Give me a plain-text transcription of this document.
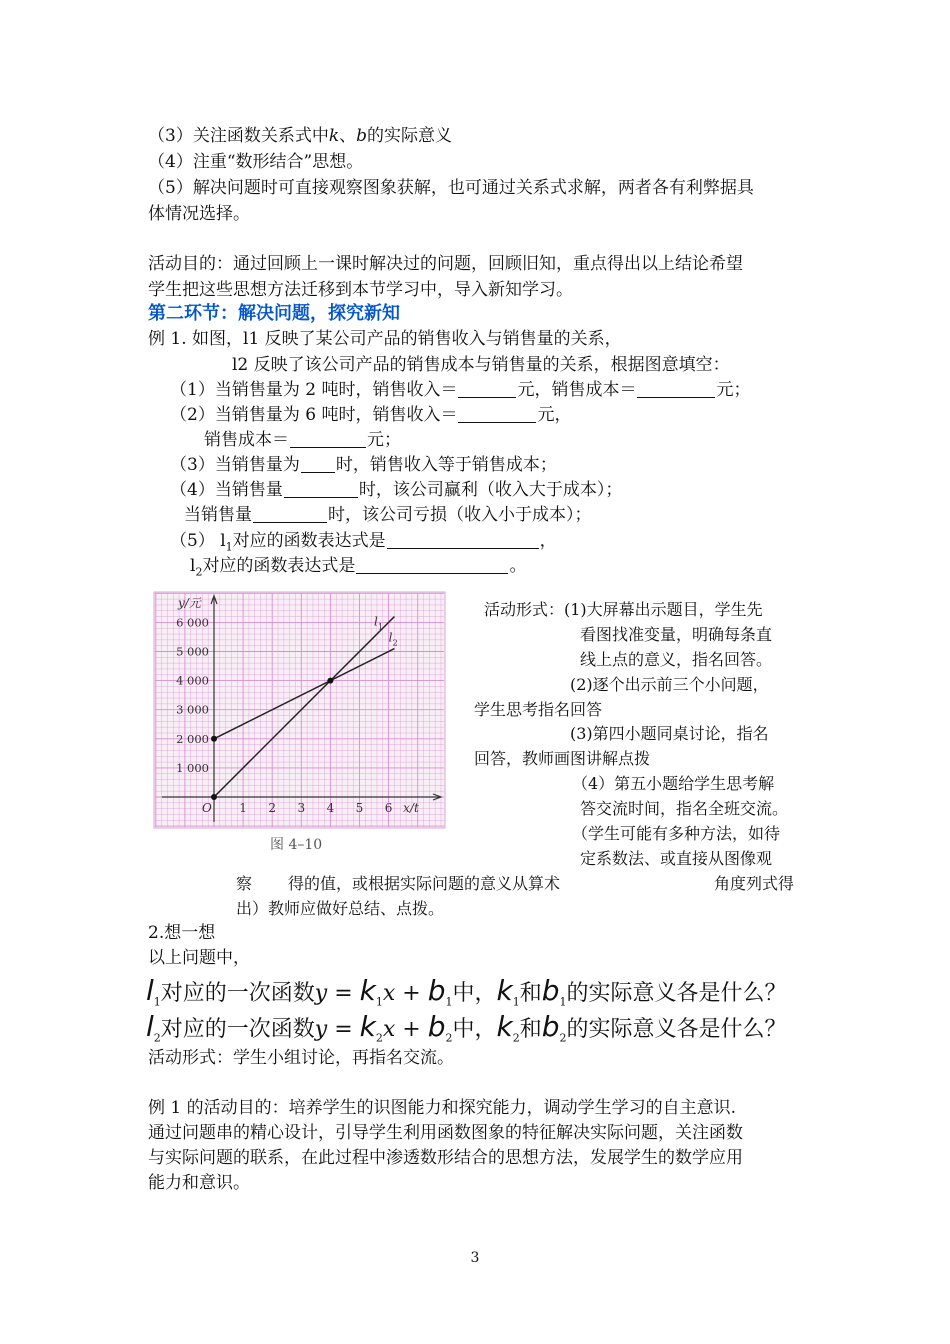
（3）关注函数关系式中k、b的实际意义
（4）注重“数形结合”思想。
（5）解决问题时可直接观察图象获解，也可通过关系式求解，两者各有利弊据具
体情况选择。
活动目的：通过回顾上一课时解决过的问题，回顾旧知，重点得出以上结论希望
学生把这些思想方法迁移到本节学习中，导入新知学习。
第二环节：解决问题，探究新知
例 1. 如图，l1 反映了某公司产品的销售收入与销售量的关系，
l2 反映了该公司产品的销售成本与销售量的关系，根据图意填空：
（1）当销售量为 2 吨时，销售收入＝	元，销售成本＝	元；
（2）当销售量为 6 吨时，销售收入＝	元，
销售成本＝	元；
（3）当销售量为 时，销售收入等于销售成本；
（4）当销售量	时，该公司赢利（收入大于成本）；
当销售量	时，该公司亏损（收入小于成本）；
（5） $l_1$对应的函数表达式是	，
$l_2$对应的函数表达式是	。
1 2 3 4 5 6
1 000
2 000
3 000
4 000
5 000
6 000
O
y/元
x/t
l 1
l 2
图 4–10
活动形式：(1)大屏幕出示题目，学生先
看图找准变量，明确每条直
线上点的意义，指名回答。
(2)逐个出示前三个小问题，
学生思考指名回答
(3)第四小题同桌讨论，指名
回答，教师画图讲解点拨
（4）第五小题给学生思考解
答交流时间，指名全班交流。
（学生可能有多种方法，如待
定系数法、或直接从图像观
察 得的值，或根据实际问题的意义从算术	角度列式得
出）教师应做好总结、点拨。
2.想一想
以上问题中，
$l_1$对应的一次函数$y = k_1x + b_1$中，$k_1$和$b_1$的实际意义各是什么？
$l_2$对应的一次函数$y = k_2x + b_2$中，$k_2$和$b_2$的实际意义各是什么？
活动形式：学生小组讨论，再指名交流。
例 1 的活动目的：培养学生的识图能力和探究能力，调动学生学习的自主意识.
通过问题串的精心设计，引导学生利用函数图象的特征解决实际问题，关注函数
与实际问题的联系，在此过程中渗透数形结合的思想方法，发展学生的数学应用
能力和意识。
3
